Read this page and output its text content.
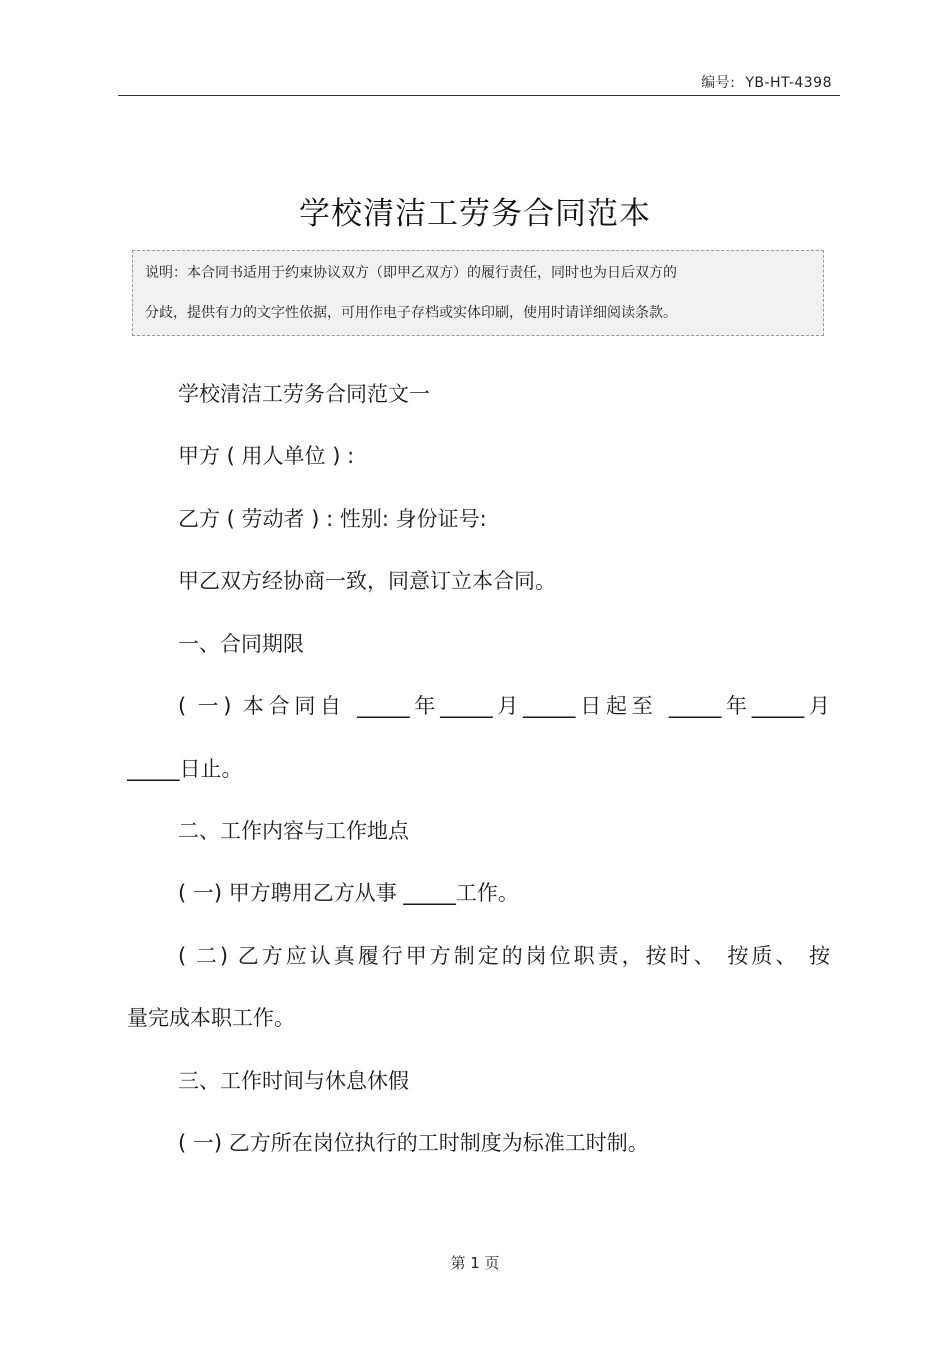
编号: YB-HT-4398
学校清洁工劳务合同范本
说明：本合同书适用于约束协议双方（即甲乙双方）的履行责任，同时也为日后双方的
分歧，提供有力的文字性依据，可用作电子存档或实体印刷，使用时请详细阅读条款。
学校清洁工劳务合同范文一
甲方 ( 用人单位 ) :
乙方 ( 劳动者 ) : 性别: 身份证号:
甲乙双方经协商一致，同意订立本合同。
一、合同期限
( 一) 本合同自 _____年_____月_____日起至 _____年_____月
_____日止。
二、工作内容与工作地点
( 一) 甲方聘用乙方从事 _____工作。
( 二) 乙方应认真履行甲方制定的岗位职责，按时、 按质、 按
量完成本职工作。
三、工作时间与休息休假
( 一) 乙方所在岗位执行的工时制度为标准工时制。
第 1 页
